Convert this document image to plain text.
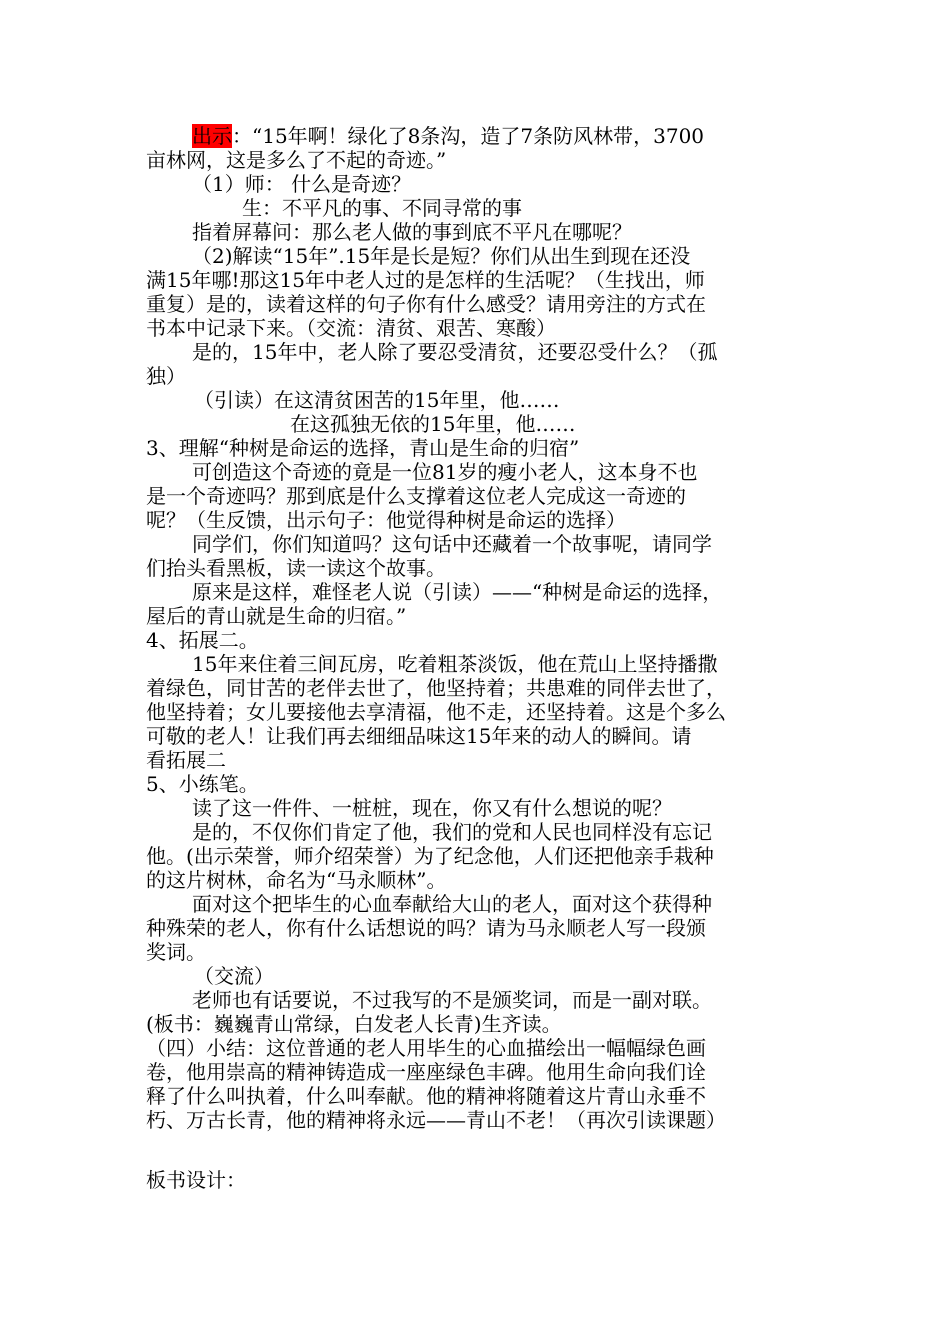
出示：“15年啊！绿化了8条沟，造了7条防风林带，3700
亩林网，这是多么了不起的奇迹。”
（1）师： 什么是奇迹？
生：不平凡的事、不同寻常的事
指着屏幕问：那么老人做的事到底不平凡在哪呢？
（2)解读“15年”.15年是长是短？你们从出生到现在还没
满15年哪!那这15年中老人过的是怎样的生活呢？（生找出，师
重复）是的，读着这样的句子你有什么感受？请用旁注的方式在
书本中记录下来。（交流：清贫、艰苦、寒酸）
是的，15年中，老人除了要忍受清贫，还要忍受什么？（孤
独）
（引读）在这清贫困苦的15年里，他……
在这孤独无依的15年里，他……
3、理解“种树是命运的选择，青山是生命的归宿”
可创造这个奇迹的竟是一位81岁的瘦小老人，这本身不也
是一个奇迹吗？那到底是什么支撑着这位老人完成这一奇迹的
呢？（生反馈，出示句子：他觉得种树是命运的选择）
同学们，你们知道吗？这句话中还藏着一个故事呢，请同学
们抬头看黑板，读一读这个故事。
原来是这样，难怪老人说（引读）——“种树是命运的选择，
屋后的青山就是生命的归宿。”
4、拓展二。
15年来住着三间瓦房，吃着粗茶淡饭，他在荒山上坚持播撒
着绿色，同甘苦的老伴去世了，他坚持着；共患难的同伴去世了，
他坚持着；女儿要接他去享清福，他不走，还坚持着。这是个多么
可敬的老人！让我们再去细细品味这15年来的动人的瞬间。请
看拓展二
5、小练笔。
读了这一件件、一桩桩，现在，你又有什么想说的呢？
是的，不仅你们肯定了他，我们的党和人民也同样没有忘记
他。(出示荣誉，师介绍荣誉）为了纪念他，人们还把他亲手栽种
的这片树林，命名为“马永顺林”。
面对这个把毕生的心血奉献给大山的老人，面对这个获得种
种殊荣的老人，你有什么话想说的吗？请为马永顺老人写一段颁
奖词。
（交流）
老师也有话要说，不过我写的不是颁奖词，而是一副对联。
(板书：巍巍青山常绿，白发老人长青)生齐读。
（四）小结：这位普通的老人用毕生的心血描绘出一幅幅绿色画
卷，他用崇高的精神铸造成一座座绿色丰碑。他用生命向我们诠
释了什么叫执着，什么叫奉献。他的精神将随着这片青山永垂不
朽、万古长青，他的精神将永远——青山不老！（再次引读课题）
板书设计：
